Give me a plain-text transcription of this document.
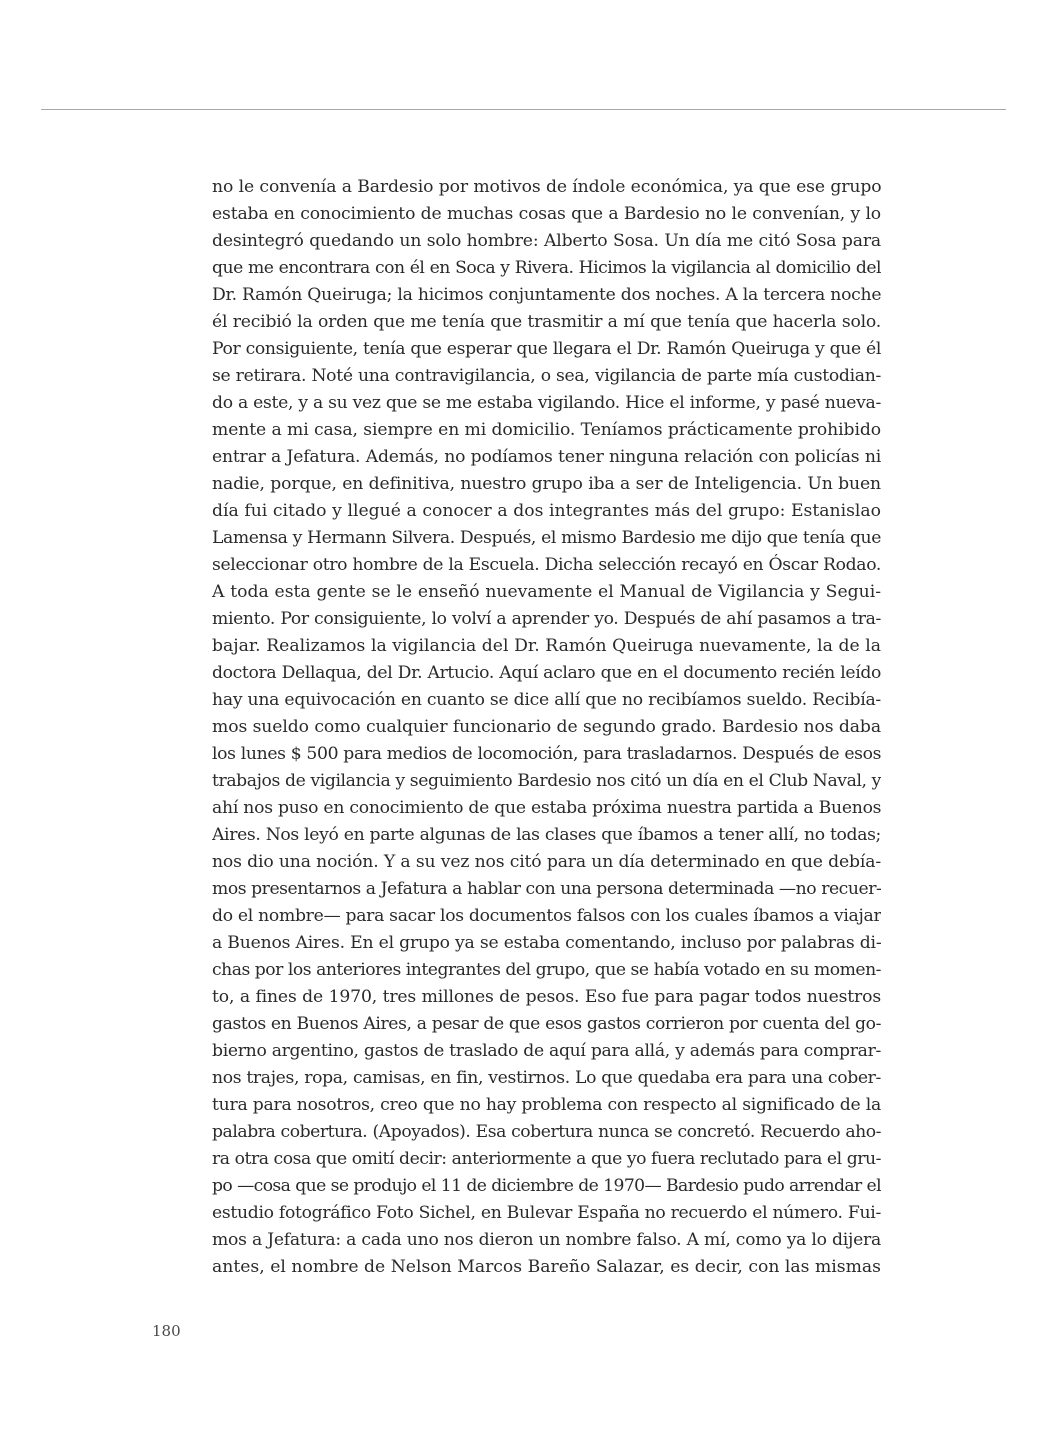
no le convenía a Bardesio por motivos de índole económica, ya que ese grupo
estaba en conocimiento de muchas cosas que a Bardesio no le convenían, y lo
desintegró quedando un solo hombre: Alberto Sosa. Un día me citó Sosa para
que me encontrara con él en Soca y Rivera. Hicimos la vigilancia al domicilio del
Dr. Ramón Queiruga; la hicimos conjuntamente dos noches. A la tercera noche
él recibió la orden que me tenía que trasmitir a mí que tenía que hacerla solo.
Por consiguiente, tenía que esperar que llegara el Dr. Ramón Queiruga y que él
se retirara. Noté una contravigilancia, o sea, vigilancia de parte mía custodian-
do a este, y a su vez que se me estaba vigilando. Hice el informe, y pasé nueva-
mente a mi casa, siempre en mi domicilio. Teníamos prácticamente prohibido
entrar a Jefatura. Además, no podíamos tener ninguna relación con policías ni
nadie, porque, en definitiva, nuestro grupo iba a ser de Inteligencia. Un buen
día fui citado y llegué a conocer a dos integrantes más del grupo: Estanislao
Lamensa y Hermann Silvera. Después, el mismo Bardesio me dijo que tenía que
seleccionar otro hombre de la Escuela. Dicha selección recayó en Óscar Rodao.
A toda esta gente se le enseñó nuevamente el Manual de Vigilancia y Segui-
miento. Por consiguiente, lo volví a aprender yo. Después de ahí pasamos a tra-
bajar. Realizamos la vigilancia del Dr. Ramón Queiruga nuevamente, la de la
doctora Dellaqua, del Dr. Artucio. Aquí aclaro que en el documento recién leído
hay una equivocación en cuanto se dice allí que no recibíamos sueldo. Recibía-
mos sueldo como cualquier funcionario de segundo grado. Bardesio nos daba
los lunes $ 500 para medios de locomoción, para trasladarnos. Después de esos
trabajos de vigilancia y seguimiento Bardesio nos citó un día en el Club Naval, y
ahí nos puso en conocimiento de que estaba próxima nuestra partida a Buenos
Aires. Nos leyó en parte algunas de las clases que íbamos a tener allí, no todas;
nos dio una noción. Y a su vez nos citó para un día determinado en que debía-
mos presentarnos a Jefatura a hablar con una persona determinada —no recuer-
do el nombre— para sacar los documentos falsos con los cuales íbamos a viajar
a Buenos Aires. En el grupo ya se estaba comentando, incluso por palabras di-
chas por los anteriores integrantes del grupo, que se había votado en su momen-
to, a fines de 1970, tres millones de pesos. Eso fue para pagar todos nuestros
gastos en Buenos Aires, a pesar de que esos gastos corrieron por cuenta del go-
bierno argentino, gastos de traslado de aquí para allá, y además para comprar-
nos trajes, ropa, camisas, en fin, vestirnos. Lo que quedaba era para una cober-
tura para nosotros, creo que no hay problema con respecto al significado de la
palabra cobertura. (Apoyados). Esa cobertura nunca se concretó. Recuerdo aho-
ra otra cosa que omití decir: anteriormente a que yo fuera reclutado para el gru-
po —cosa que se produjo el 11 de diciembre de 1970— Bardesio pudo arrendar el
estudio fotográfico Foto Sichel, en Bulevar España no recuerdo el número. Fui-
mos a Jefatura: a cada uno nos dieron un nombre falso. A mí, como ya lo dijera
antes, el nombre de Nelson Marcos Bareño Salazar, es decir, con las mismas
180
